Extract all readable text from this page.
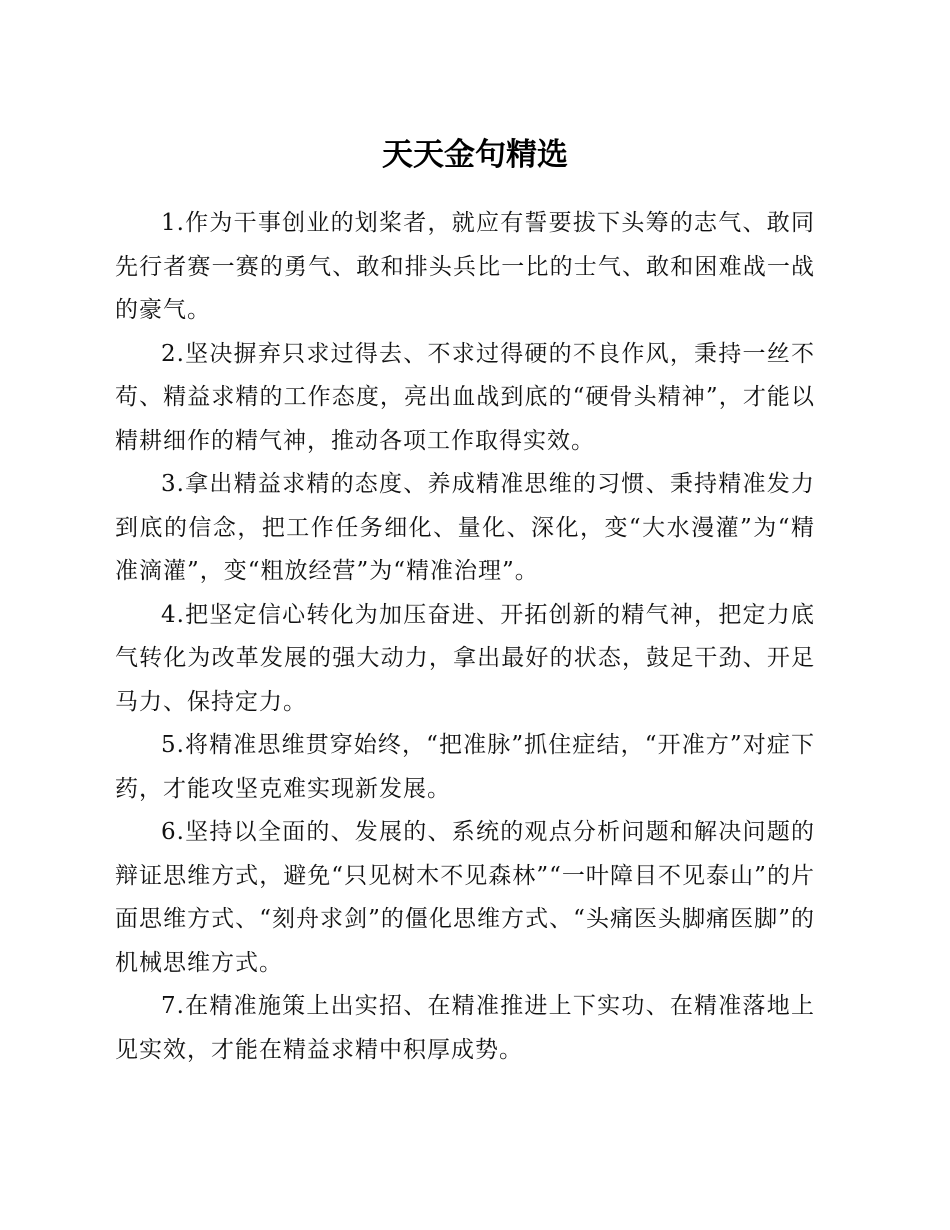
天天金句精选

1.作为干事创业的划桨者，就应有誓要拔下头筹的志气、敢同先行者赛一赛的勇气、敢和排头兵比一比的士气、敢和困难战一战的豪气。

2.坚决摒弃只求过得去、不求过得硬的不良作风，秉持一丝不苟、精益求精的工作态度，亮出血战到底的“硬骨头精神”，才能以精耕细作的精气神，推动各项工作取得实效。

3.拿出精益求精的态度、养成精准思维的习惯、秉持精准发力到底的信念，把工作任务细化、量化、深化，变“大水漫灌”为“精准滴灌”，变“粗放经营”为“精准治理”。

4.把坚定信心转化为加压奋进、开拓创新的精气神，把定力底气转化为改革发展的强大动力，拿出最好的状态，鼓足干劲、开足马力、保持定力。

5.将精准思维贯穿始终，“把准脉”抓住症结，“开准方”对症下药，才能攻坚克难实现新发展。

6.坚持以全面的、发展的、系统的观点分析问题和解决问题的辩证思维方式，避免“只见树木不见森林”“一叶障目不见泰山”的片面思维方式、“刻舟求剑”的僵化思维方式、“头痛医头脚痛医脚”的机械思维方式。

7.在精准施策上出实招、在精准推进上下实功、在精准落地上见实效，才能在精益求精中积厚成势。
